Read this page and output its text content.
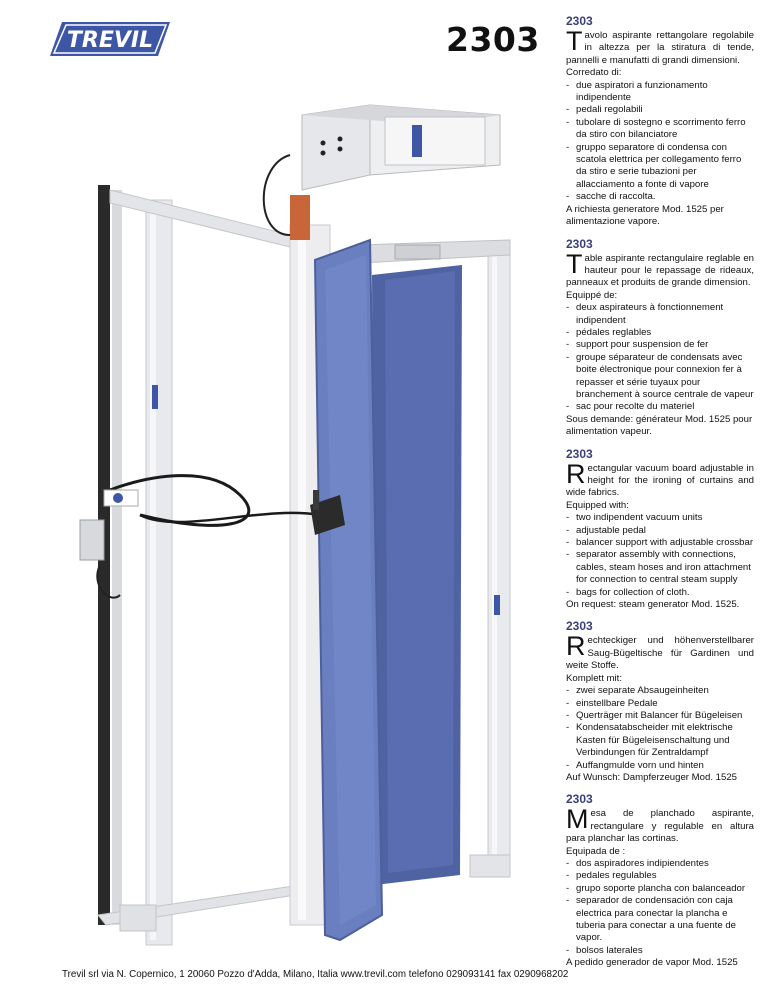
TREVIL	2303 2303

Tavolo aspirante rettangolare regolabile in altezza per la stiratura di tende, pannelli e manufatti di grandi dimensioni.

Corredato di:

- due aspiratori a funzionamento indipendente
- pedali regolabili
- tubolare di sostegno e scorrimento ferro da stiro con bilanciatore
- gruppo separatore di condensa con scatola elettrica per collegamento ferro da stiro e serie tubazioni per allacciamento a fonte di vapore
- sacche di raccolta.

A richiesta generatore Mod. 1525 per alimentazione vapore.

2303

Table aspirante rectangulaire reglable en hauteur pour le repassage de rideaux, panneaux et produits de grande dimension.

Equippé de:

- deux aspirateurs à fonctionnement indipendent
- pédales reglables
- support pour suspension de fer
- groupe séparateur de condensats avec boite électronique pour connexion fer à repasser et série tuyaux pour branchement à source centrale de vapeur
- sac pour recolte du materiel

Sous demande: générateur Mod. 1525 pour alimentation vapeur.

2303

Rectangular vacuum board adjustable in height for the ironing of curtains and wide fabrics.

Equipped with:

- two indipendent vacuum units
- adjustable pedal
- balancer support with adjustable crossbar
- separator assembly with connections, cables, steam hoses and iron attachment for connection to central steam supply
- bags for collection of cloth.

On request: steam generator Mod. 1525.

2303

Rechteckiger und höhenverstellbarer Saug-Bügeltische für Gardinen und weite Stoffe.

Komplett mit:

- zwei separate Absaugeinheiten
- einstellbare Pedale
- Querträger mit Balancer für Bügeleisen
- Kondensatabscheider mit elektrische Kasten für Bügeleisenschaltung und Verbindungen für Zentraldampf
- Auffangmulde vorn und hinten

Auf Wunsch: Dampferzeuger Mod. 1525

2303

Mesa de planchado aspirante, rectangulare y regulable en altura para planchar las cortinas.

Equipada de :

- dos aspiradores indipiendentes
- pedales regulables
- grupo soporte plancha con balanceador
- separador de condensación con caja electrica para conectar la plancha e tuberia para conectar a una fuente de vapor.
- bolsos laterales

A pedido generador de vapor Mod. 1525

Trevil srl via N. Copernico, 1 20060 Pozzo d'Adda, Milano, Italia www.trevil.com telefono 029093141 fax 0290968202
